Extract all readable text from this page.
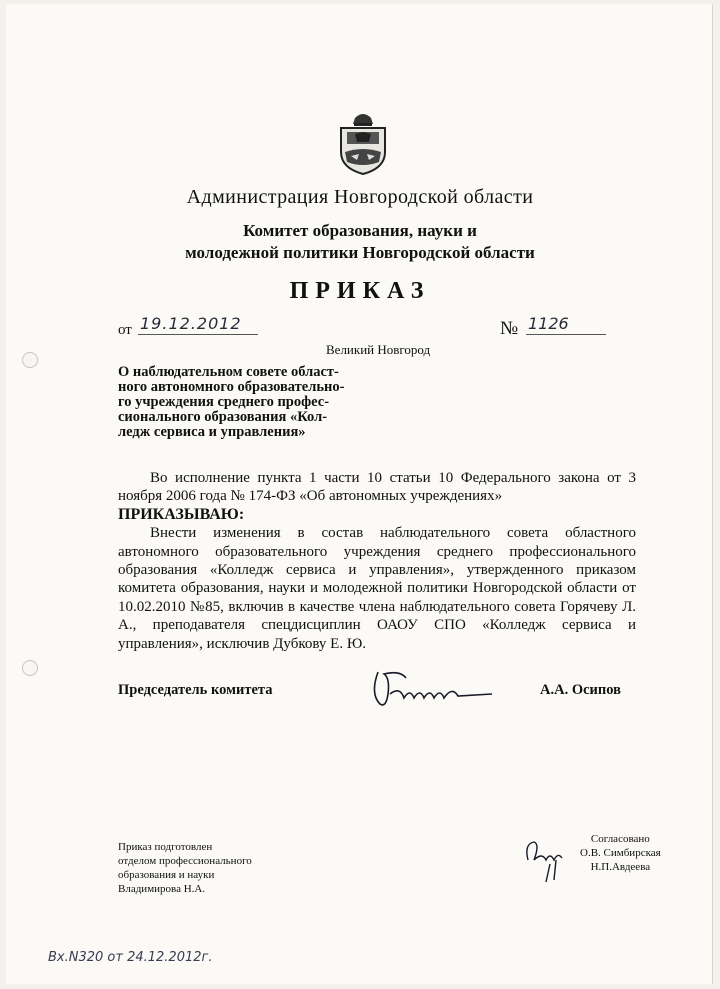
Администрация Новгородской области
Комитет образования, науки и
молодежной политики Новгородской области
ПРИКАЗ
от 19.12.2012	№ 1126
Великий Новгород
О наблюдательном совете област-
ного автономного образовательно-
го учреждения среднего профес-
сионального образования «Кол-
ледж сервиса и управления»

Во исполнение пункта 1 части 10 статьи 10 Федерального закона от 3 ноября 2006 года № 174-ФЗ «Об автономных учреждениях»

ПРИКАЗЫВАЮ:

Внести изменения в состав наблюдательного совета областного автономного образовательного учреждения среднего профессионального образования «Колледж сервиса и управления», утвержденного приказом комитета образования, науки и молодежной политики Новгородской области от 10.02.2010 №85, включив в качестве члена наблюдательного совета Горячеву Л. А., преподавателя спецдисциплин ОАОУ СПО «Колледж сервиса и управления», исключив Дубкову Е. Ю.

Председатель комитета	А.А. Осипов
Приказ подготовлен
отделом профессионального
образования и науки
Владимирова Н.А.
Согласовано
О.В. Симбирская
Н.П.Авдеева
Вх.N320 от 24.12.2012г.
